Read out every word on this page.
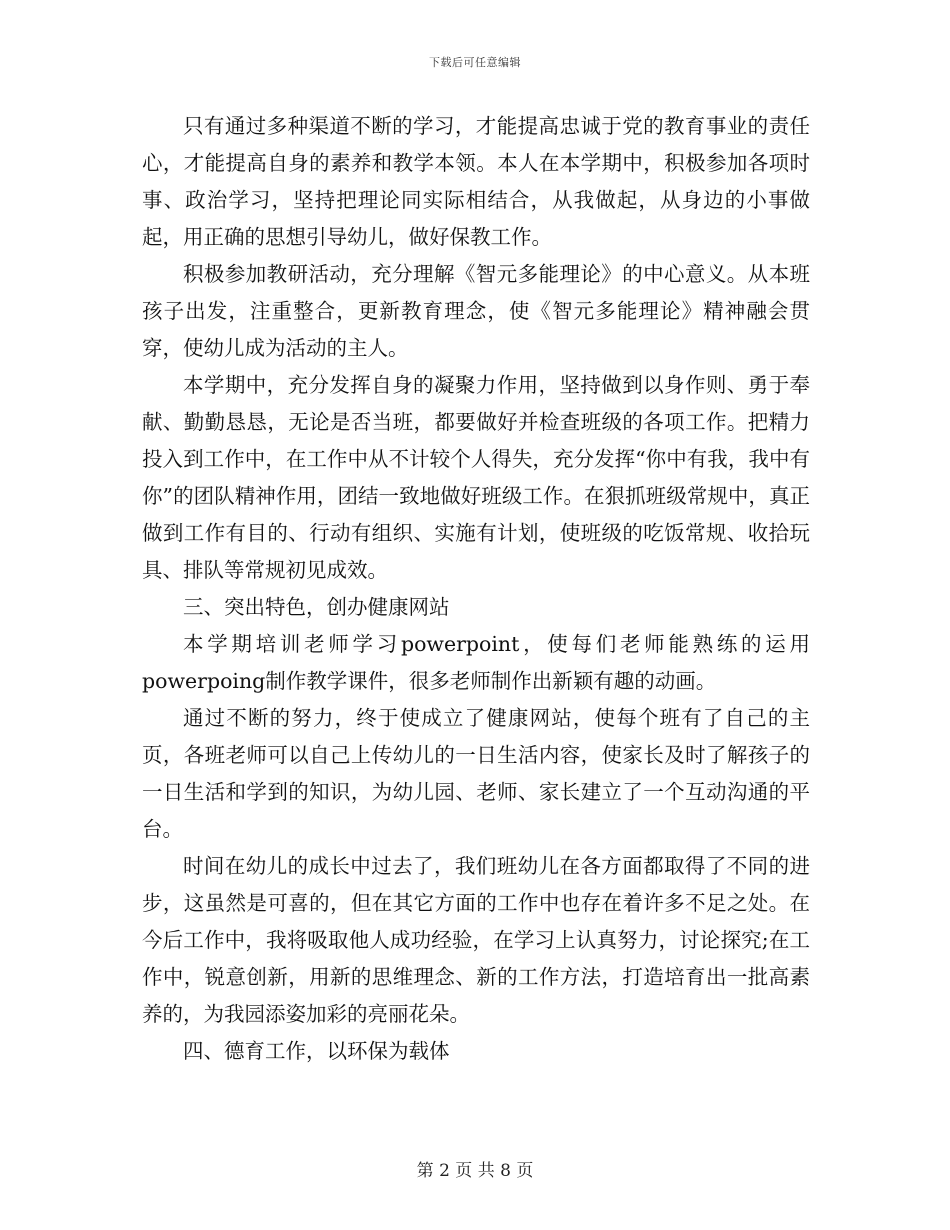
下载后可任意编辑

只有通过多种渠道不断的学习，才能提高忠诚于党的教育事业的责任心，才能提高自身的素养和教学本领。本人在本学期中，积极参加各项时事、政治学习，坚持把理论同实际相结合，从我做起，从身边的小事做起，用正确的思想引导幼儿，做好保教工作。

积极参加教研活动，充分理解《智元多能理论》的中心意义。从本班孩子出发，注重整合，更新教育理念，使《智元多能理论》精神融会贯穿，使幼儿成为活动的主人。

本学期中，充分发挥自身的凝聚力作用，坚持做到以身作则、勇于奉献、勤勤恳恳，无论是否当班，都要做好并检查班级的各项工作。把精力投入到工作中，在工作中从不计较个人得失，充分发挥“你中有我，我中有你”的团队精神作用，团结一致地做好班级工作。在狠抓班级常规中，真正做到工作有目的、行动有组织、实施有计划，使班级的吃饭常规、收拾玩具、排队等常规初见成效。

三、突出特色，创办健康网站

本学期培训老师学习powerpoint，使每们老师能熟练的运用powerpoing制作教学课件，很多老师制作出新颖有趣的动画。

通过不断的努力，终于使成立了健康网站，使每个班有了自己的主页，各班老师可以自己上传幼儿的一日生活内容，使家长及时了解孩子的一日生活和学到的知识，为幼儿园、老师、家长建立了一个互动沟通的平台。

时间在幼儿的成长中过去了，我们班幼儿在各方面都取得了不同的进步，这虽然是可喜的，但在其它方面的工作中也存在着许多不足之处。在今后工作中，我将吸取他人成功经验，在学习上认真努力，讨论探究;在工作中，锐意创新，用新的思维理念、新的工作方法，打造培育出一批高素养的，为我园添姿加彩的亮丽花朵。

四、德育工作，以环保为载体

第 2 页 共 8 页
